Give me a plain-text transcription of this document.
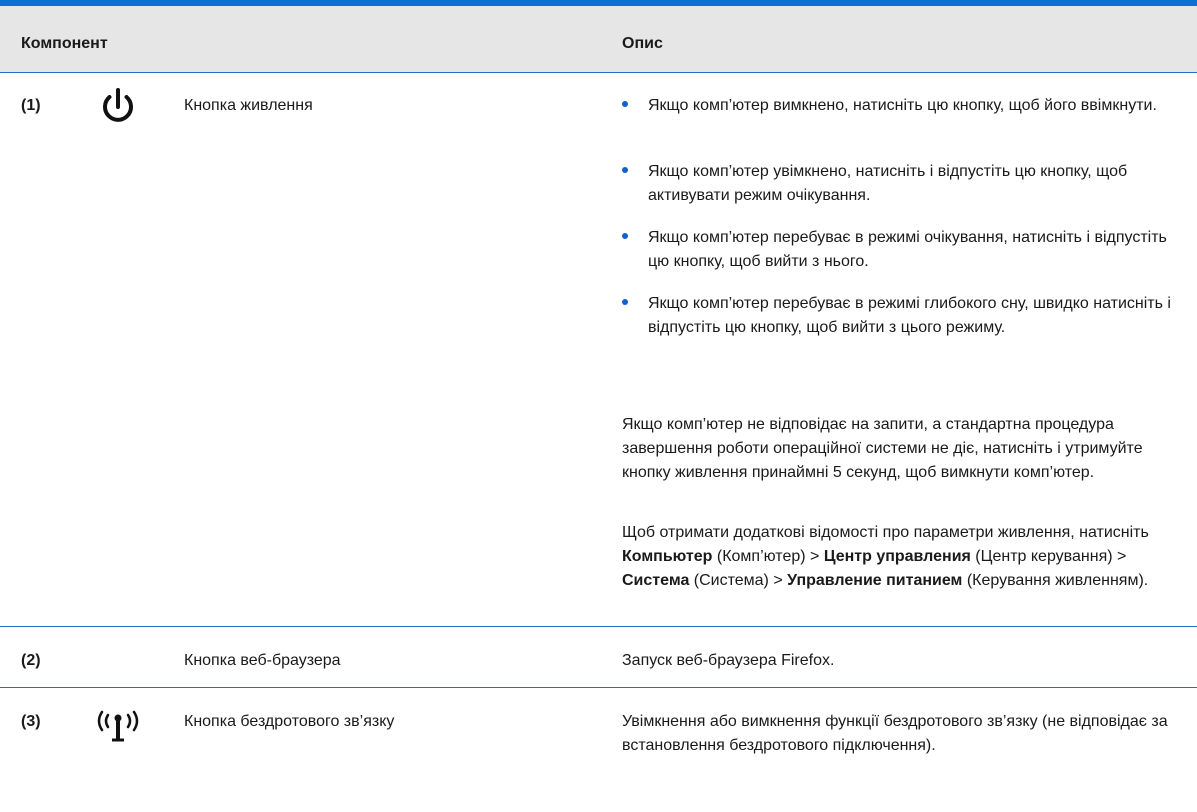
Компонент	Опис
(1)	Кнопка живлення	Якщо комп’ютер вимкнено, натисніть цю кнопку, щоб його ввімкнути.
Якщо комп’ютер увімкнено, натисніть і відпустіть цю кнопку, щоб активувати режим очікування.
Якщо комп’ютер перебуває в режимі очікування, натисніть і відпустіть цю кнопку, щоб вийти з нього.
Якщо комп’ютер перебуває в режимі глибокого сну, швидко натисніть і відпустіть цю кнопку, щоб вийти з цього режиму.
Якщо комп’ютер не відповідає на запити, а стандартна процедура завершення роботи операційної системи не діє, натисніть і утримуйте кнопку живлення принаймні 5 секунд, щоб вимкнути комп’ютер.
Щоб отримати додаткові відомості про параметри живлення, натисніть Компьютер (Комп’ютер) > Центр управления (Центр керування) > Система (Система) > Управление питанием (Керування живленням).
(2)	Кнопка веб-браузера	Запуск веб-браузера Firefox.
(3)	Кнопка бездротового зв’язку	Увімкнення або вимкнення функції бездротового зв’язку (не відповідає за встановлення бездротового підключення).
